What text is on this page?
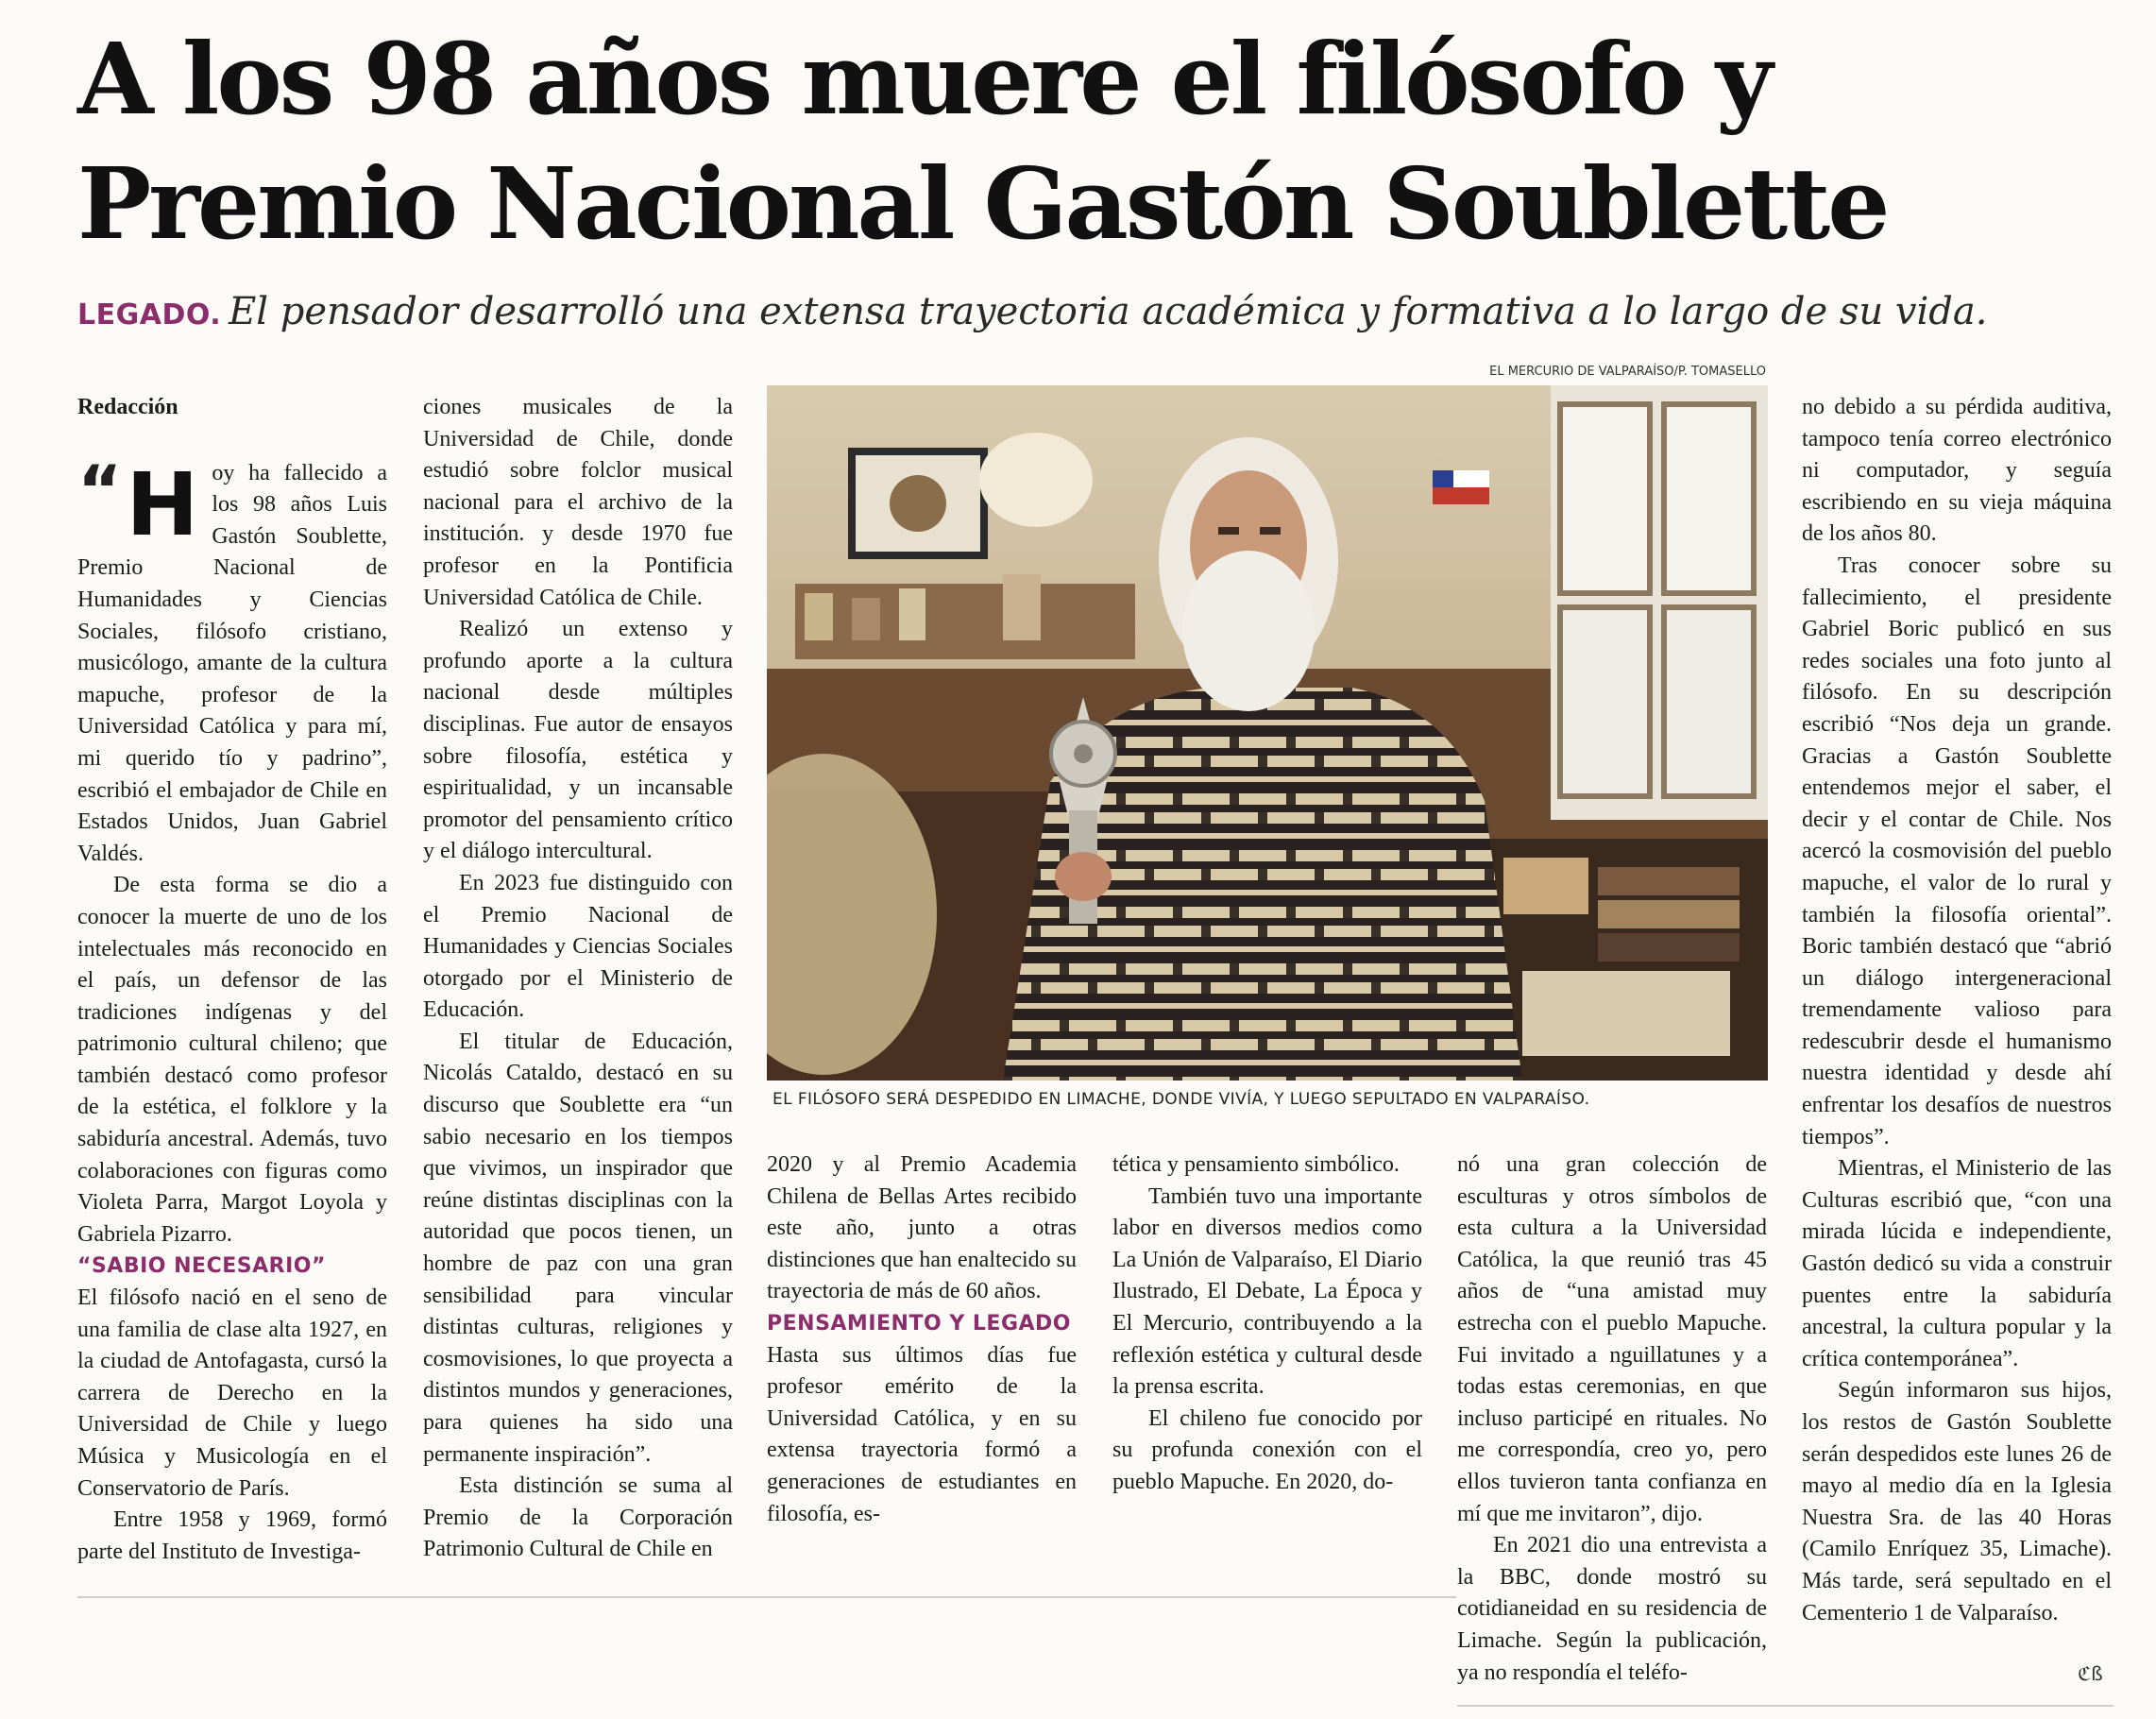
A los 98 años muere el filósofo y Premio Nacional Gastón Soublette
LEGADO. El pensador desarrolló una extensa trayectoria académica y formativa a lo largo de su vida.
EL MERCURIO DE VALPARAÍSO/P. TOMASELLO
EL FILÓSOFO SERÁ DESPEDIDO EN LIMACHE, DONDE VIVÍA, Y LUEGO SEPULTADO EN VALPARAÍSO.

Redacción

“ H oy ha fallecido a los 98 años Luis Gastón Soublette, Premio Nacional de Humanidades y Ciencias Sociales, filósofo cristiano, musicólogo, amante de la cultura mapuche, profesor de la Universidad Católica y para mí, mi querido tío y padrino”, escribió el embajador de Chile en Estados Unidos, Juan Gabriel Valdés.

De esta forma se dio a conocer la muerte de uno de los intelectuales más reconocido en el país, un defensor de las tradiciones indígenas y del patrimonio cultural chileno; que también destacó como profesor de la estética, el folklore y la sabiduría ancestral. Además, tuvo colaboraciones con figuras como Violeta Parra, Margot Loyola y Gabriela Pizarro.

“SABIO NECESARIO”

El filósofo nació en el seno de una familia de clase alta 1927, en la ciudad de Antofagasta, cursó la carrera de Derecho en la Universidad de Chile y luego Música y Musicología en el Conservatorio de París.

Entre 1958 y 1969, formó parte del Instituto de Investiga-

ciones musicales de la Universidad de Chile, donde estudió sobre folclor musical nacional para el archivo de la institución. y desde 1970 fue profesor en la Pontificia Universidad Católica de Chile.

Realizó un extenso y profundo aporte a la cultura nacional desde múltiples disciplinas. Fue autor de ensayos sobre filosofía, estética y espiritualidad, y un incansable promotor del pensamiento crítico y el diálogo intercultural.

En 2023 fue distinguido con el Premio Nacional de Humanidades y Ciencias Sociales otorgado por el Ministerio de Educación.

El titular de Educación, Nicolás Cataldo, destacó en su discurso que Soublette era “un sabio necesario en los tiempos que vivimos, un inspirador que reúne distintas disciplinas con la autoridad que pocos tienen, un hombre de paz con una gran sensibilidad para vincular distintas culturas, religiones y cosmovisiones, lo que proyecta a distintos mundos y generaciones, para quienes ha sido una permanente inspiración”.

Esta distinción se suma al Premio de la Corporación Patrimonio Cultural de Chile en

2020 y al Premio Academia Chilena de Bellas Artes recibido este año, junto a otras distinciones que han enaltecido su trayectoria de más de 60 años.

PENSAMIENTO Y LEGADO

Hasta sus últimos días fue profesor emérito de la Universidad Católica, y en su extensa trayectoria formó a generaciones de estudiantes en filosofía, es-

tética y pensamiento simbólico.

También tuvo una importante labor en diversos medios como La Unión de Valparaíso, El Diario Ilustrado, El Debate, La Época y El Mercurio, contribuyendo a la reflexión estética y cultural desde la prensa escrita.

El chileno fue conocido por su profunda conexión con el pueblo Mapuche. En 2020, do-

nó una gran colección de esculturas y otros símbolos de esta cultura a la Universidad Católica, la que reunió tras 45 años de “una amistad muy estrecha con el pueblo Mapuche. Fui invitado a nguillatunes y a todas estas ceremonias, en que incluso participé en rituales. No me correspondía, creo yo, pero ellos tuvieron tanta confianza en mí que me invitaron”, dijo.

En 2021 dio una entrevista a la BBC, donde mostró su cotidianeidad en su residencia de Limache. Según la publicación, ya no respondía el teléfo-

no debido a su pérdida auditiva, tampoco tenía correo electrónico ni computador, y seguía escribiendo en su vieja máquina de los años 80.

Tras conocer sobre su fallecimiento, el presidente Gabriel Boric publicó en sus redes sociales una foto junto al filósofo. En su descripción escribió “Nos deja un grande. Gracias a Gastón Soublette entendemos mejor el saber, el decir y el contar de Chile. Nos acercó la cosmovisión del pueblo mapuche, el valor de lo rural y también la filosofía oriental”. Boric también destacó que “abrió un diálogo intergeneracional tremendamente valioso para redescubrir desde el humanismo nuestra identidad y desde ahí enfrentar los desafíos de nuestros tiempos”.

Mientras, el Ministerio de las Culturas escribió que, “con una mirada lúcida e independiente, Gastón dedicó su vida a construir puentes entre la sabiduría ancestral, la cultura popular y la crítica contemporánea”.

Según informaron sus hijos, los restos de Gastón Soublette serán despedidos este lunes 26 de mayo al medio día en la Iglesia Nuestra Sra. de las 40 Horas (Camilo Enríquez 35, Limache). Más tarde, será sepultado en el Cementerio 1 de Valparaíso.

ℭß
